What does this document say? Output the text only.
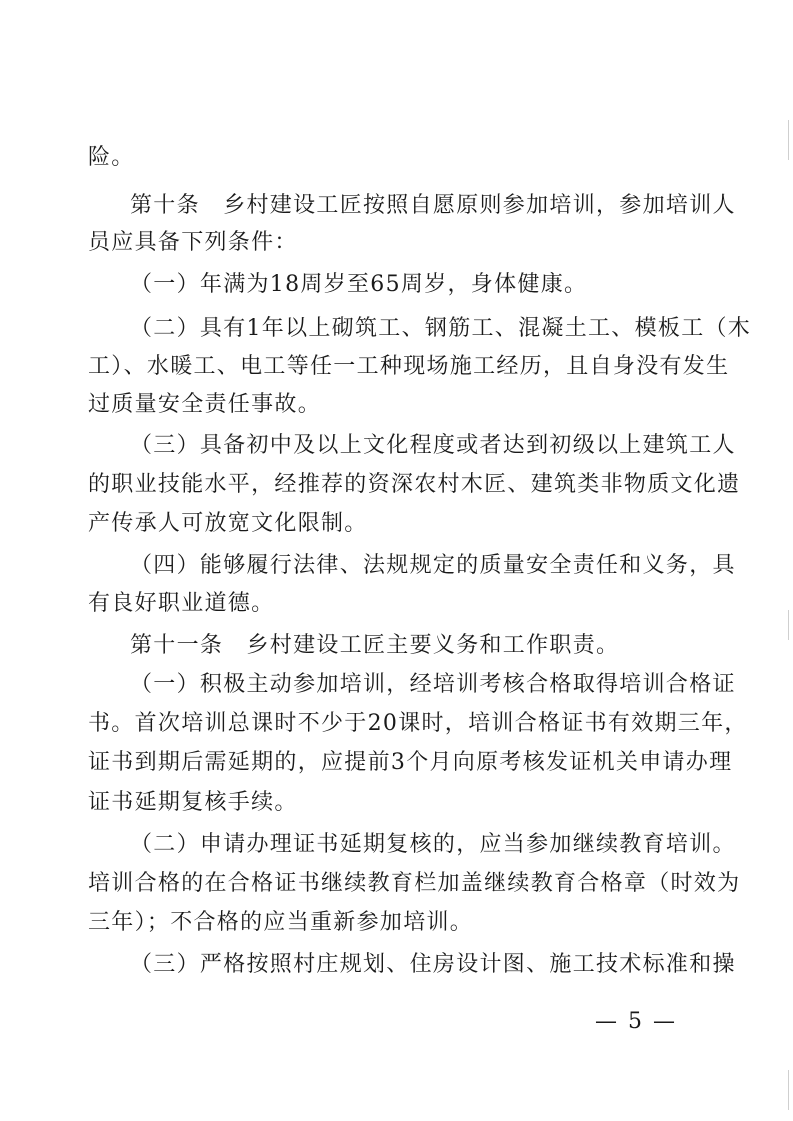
险。
第十条　乡村建设工匠按照自愿原则参加培训，参加培训人
员应具备下列条件：
（一）年满为18周岁至65周岁，身体健康。
（二）具有1年以上砌筑工、钢筋工、混凝土工、模板工（木
工）、水暖工、电工等任一工种现场施工经历，且自身没有发生
过质量安全责任事故。
（三）具备初中及以上文化程度或者达到初级以上建筑工人
的职业技能水平，经推荐的资深农村木匠、建筑类非物质文化遗
产传承人可放宽文化限制。
（四）能够履行法律、法规规定的质量安全责任和义务，具
有良好职业道德。
第十一条　乡村建设工匠主要义务和工作职责。
（一）积极主动参加培训，经培训考核合格取得培训合格证
书。首次培训总课时不少于20课时，培训合格证书有效期三年，
证书到期后需延期的，应提前3个月向原考核发证机关申请办理
证书延期复核手续。
（二）申请办理证书延期复核的，应当参加继续教育培训。
培训合格的在合格证书继续教育栏加盖继续教育合格章（时效为
三年）；不合格的应当重新参加培训。
（三）严格按照村庄规划、住房设计图、施工技术标准和操
— 5 —
